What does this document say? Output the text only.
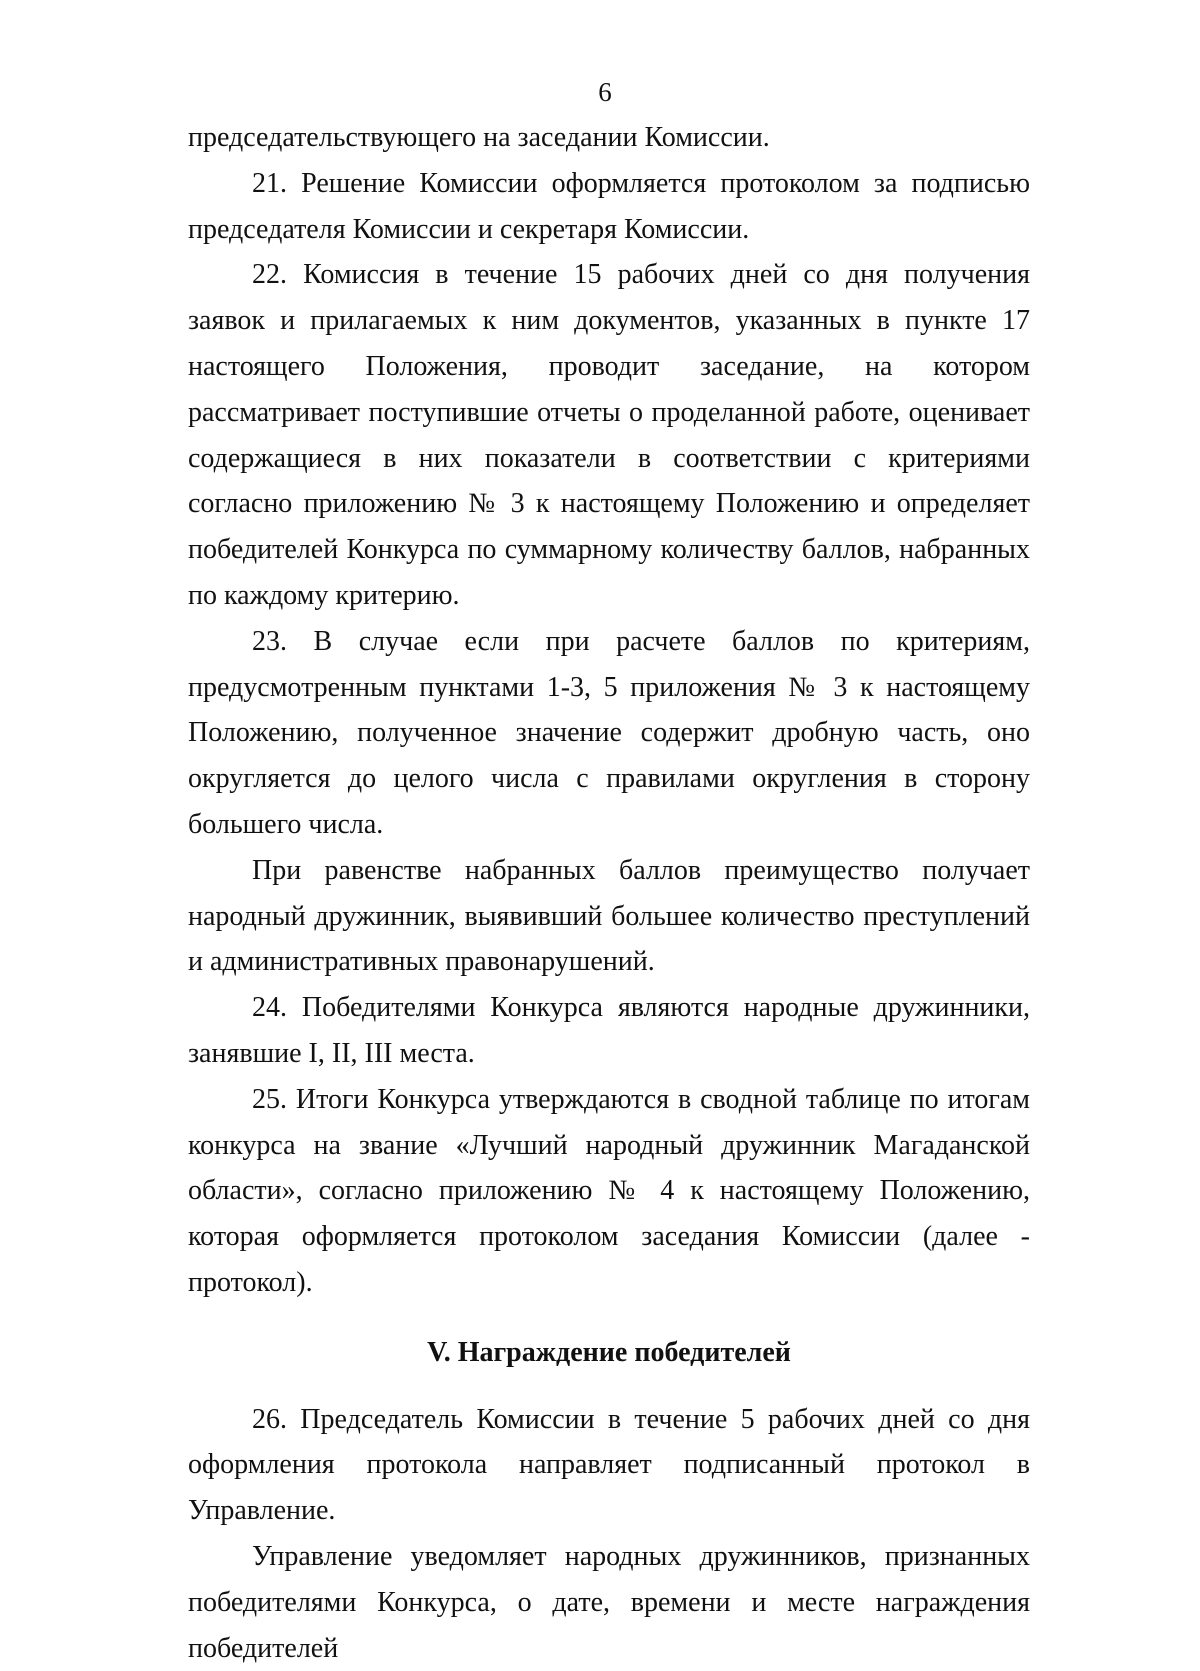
6

председательствующего на заседании Комиссии.

21. Решение Комиссии оформляется протоколом за подписью председателя Комиссии и секретаря Комиссии.

22. Комиссия в течение 15 рабочих дней со дня получения заявок и прилагаемых к ним документов, указанных в пункте 17 настоящего Положения, проводит заседание, на котором рассматривает поступившие отчеты о проделанной работе, оценивает содержащиеся в них показатели в соответствии с критериями согласно приложению № 3 к настоящему Положению и определяет победителей Конкурса по суммарному количеству баллов, набранных по каждому критерию.

23. В случае если при расчете баллов по критериям, предусмотренным пунктами 1-3, 5 приложения № 3 к настоящему Положению, полученное значение содержит дробную часть, оно округляется до целого числа с правилами округления в сторону большего числа.

При равенстве набранных баллов преимущество получает народный дружинник, выявивший большее количество преступлений и административных правонарушений.

24. Победителями Конкурса являются народные дружинники, занявшие I, II, III места.

25. Итоги Конкурса утверждаются в сводной таблице по итогам конкурса на звание «Лучший народный дружинник Магаданской области», согласно приложению № 4 к настоящему Положению, которая оформляется протоколом заседания Комиссии (далее - протокол).

V. Награждение победителей

26. Председатель Комиссии в течение 5 рабочих дней со дня оформления протокола направляет подписанный протокол в Управление.

Управление уведомляет народных дружинников, признанных победителями Конкурса, о дате, времени и месте награждения победителей
